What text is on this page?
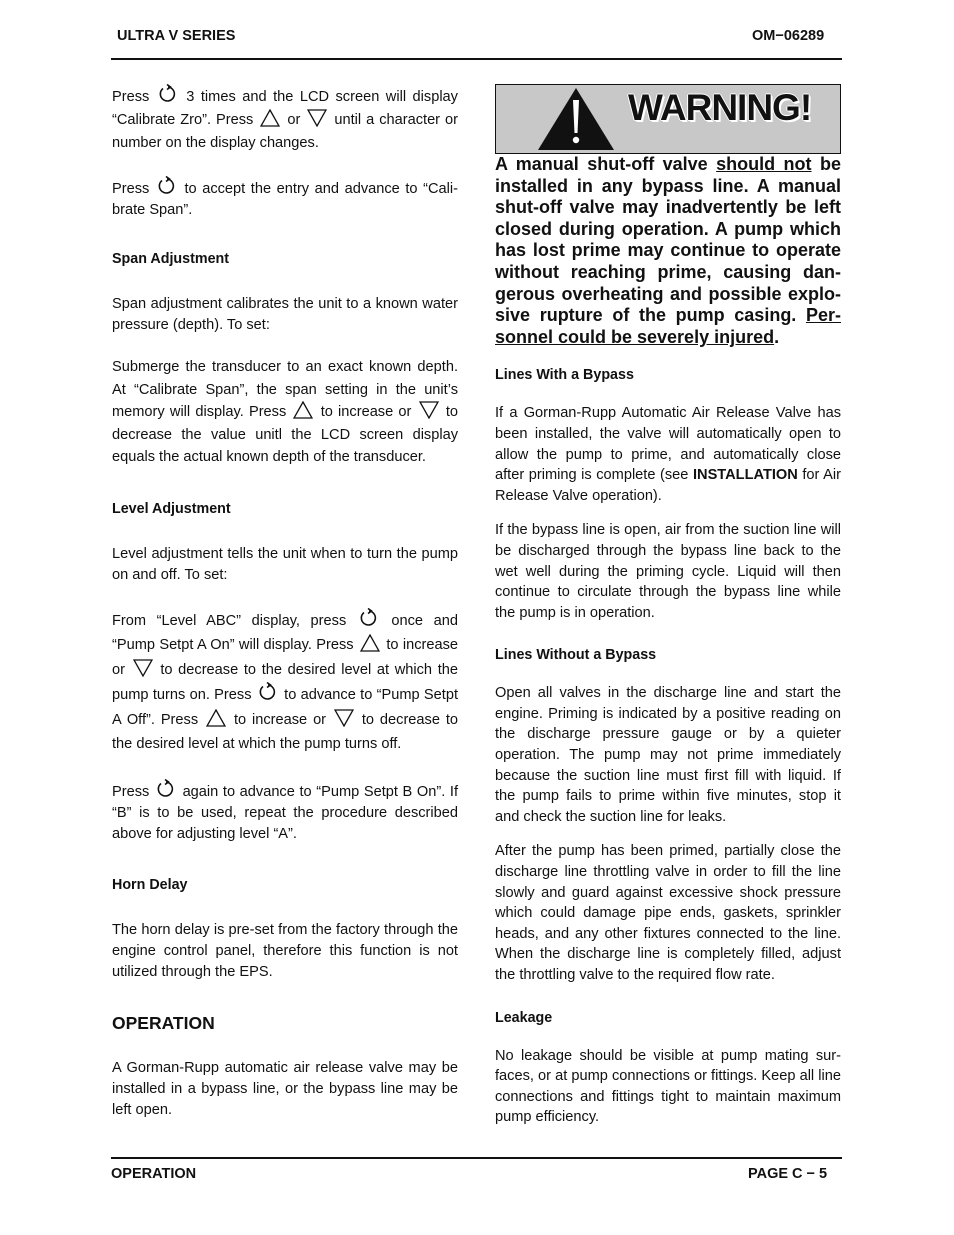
ULTRA V SERIES	OM−06289

Press	3 times and the LCD screen will display “Calibrate Zro”. Press or until a character or number on the display changes.

Press to accept the entry and advance to “Calibrate Span”.

Span Adjustment

Span adjustment calibrates the unit to a known water pressure (depth). To set:

Submerge the transducer to an exact known depth. At “Calibrate Span”, the span setting in the unit’s memory will display. Press to increase or to decrease the value unitl the LCD screen display equals the actual known depth of the transducer.

Level Adjustment

Level adjustment tells the unit when to turn the pump on and off. To set:

From “Level ABC” display, press	once and “Pump Setpt A On” will display. Press to increase or to decrease to the desired level at which the pump turns on. Press to advance to “Pump Setpt A Off”. Press to increase or to decrease to the desired level at which the pump turns off.

Press again to advance to “Pump Setpt B On”. If “B” is to be used, repeat the procedure described above for adjusting level “A”.

Horn Delay

The horn delay is pre-set from the factory through the engine control panel, therefore this function is not utilized through the EPS.

OPERATION

A Gorman-Rupp automatic air release valve may be installed in a bypass line, or the bypass line may be left open.

WARNING!

A manual shut-off valve should not be installed in any bypass line. A manual shut-off valve may inadvertently be left closed during operation. A pump which has lost prime may continue to operate without reaching prime, causing dangerous overheating and possible explosive rupture of the pump casing. Personnel could be severely injured.

Lines With a Bypass

If a Gorman-Rupp Automatic Air Release Valve has been installed, the valve will automatically open to allow the pump to prime, and automatically close after priming is complete (see INSTALLATION for Air Release Valve operation).

If the bypass line is open, air from the suction line will be discharged through the bypass line back to the wet well during the priming cycle. Liquid will then continue to circulate through the bypass line while the pump is in operation.

Lines Without a Bypass

Open all valves in the discharge line and start the engine. Priming is indicated by a positive reading on the discharge pressure gauge or by a quieter operation. The pump may not prime immediately because the suction line must first fill with liquid. If the pump fails to prime within five minutes, stop it and check the suction line for leaks.

After the pump has been primed, partially close the discharge line throttling valve in order to fill the line slowly and guard against excessive shock pressure which could damage pipe ends, gaskets, sprinkler heads, and any other fixtures connected to the line. When the discharge line is completely filled, adjust the throttling valve to the required flow rate.

Leakage

No leakage should be visible at pump mating surfaces, or at pump connections or fittings. Keep all line connections and fittings tight to maintain maximum pump efficiency.

OPERATION	PAGE C − 5
